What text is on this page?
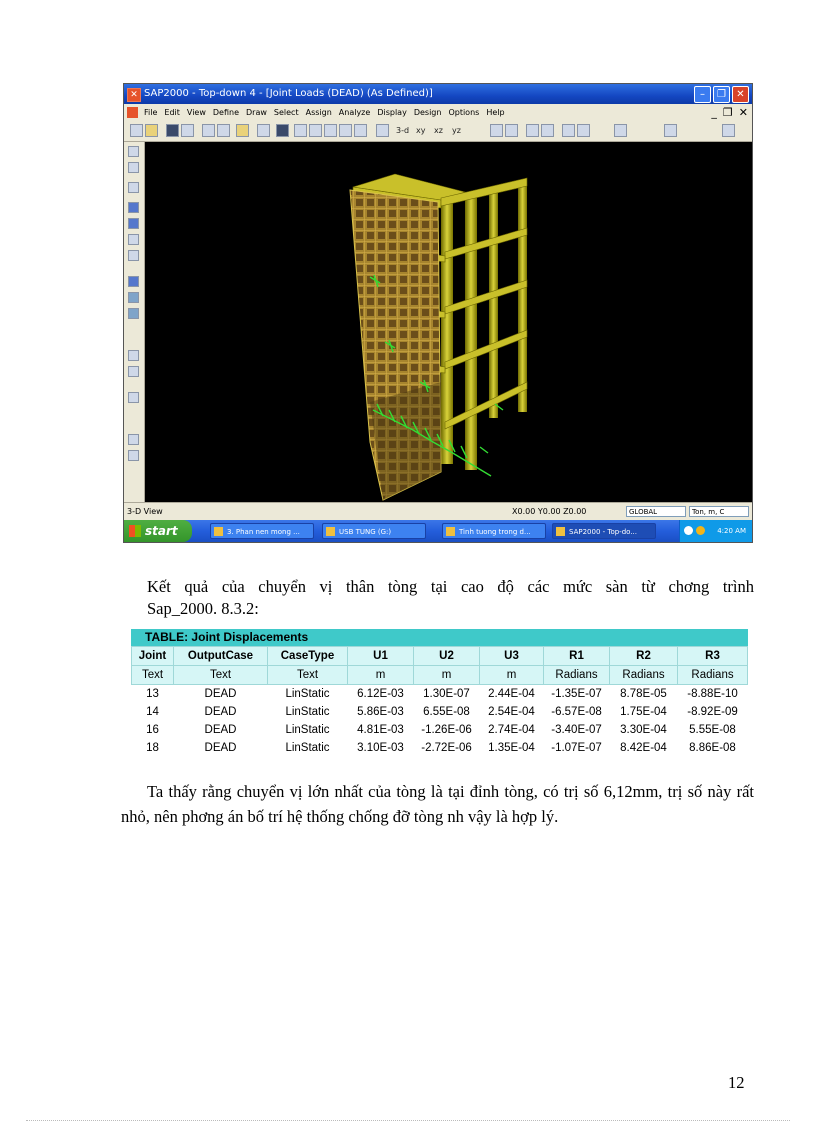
✕ SAP2000 - Top-down 4 - [Joint Loads (DEAD) (As Defined)]	– ❐ ✕
File Edit View Define Draw Select Assign Analyze Display Design Options Help	_ ❐ ✕
3-d xy xz yz
3-D View	X0.00 Y0.00 Z0.00	GLOBAL	Ton, m, C
start	3. Phan nen mong ...	USB TUNG (G:)	Tinh tuong trong d...	SAP2000 - Top-do...	4:20 AM
Kết quả của chuyển vị thân tòng tại cao độ các mức sàn từ chơng trình
Sap_2000. 8.3.2:
TABLE: Joint Displacements
Joint	OutputCase	CaseType	U1	U2	U3	R1	R2	R3
Text	Text	Text	m	m	m	Radians	Radians	Radians
13	DEAD	LinStatic	6.12E-03	1.30E-07	2.44E-04	-1.35E-07	8.78E-05	-8.88E-10
14	DEAD	LinStatic	5.86E-03	6.55E-08	2.54E-04	-6.57E-08	1.75E-04	-8.92E-09
16	DEAD	LinStatic	4.81E-03	-1.26E-06	2.74E-04	-3.40E-07	3.30E-04	5.55E-08
18	DEAD	LinStatic	3.10E-03	-2.72E-06	1.35E-04	-1.07E-07	8.42E-04	8.86E-08

Ta thấy rằng chuyển vị lớn nhất của tòng là tại đỉnh tòng, có trị số 6,12mm, trị số này rất nhỏ, nên phơng án bố trí hệ thống chống đỡ tòng nh vậy là hợp lý.

12
